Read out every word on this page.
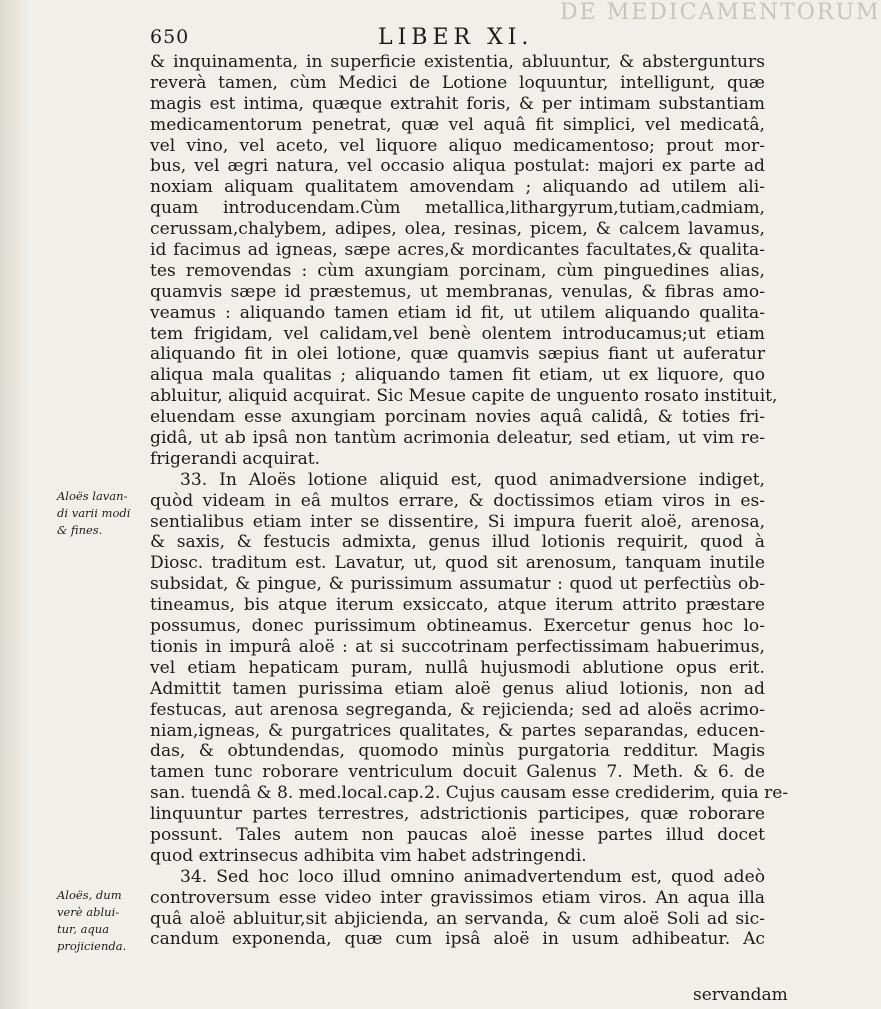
DE MEDICAMENTORUM
650	LIBER XI.
& inquinamenta, in superficie existentia, abluuntur, & abstergunturs
reverà tamen, cùm Medici de Lotione loquuntur, intelligunt, quæ
magis est intima, quæque extrahit foris, & per intimam substantiam
medicamentorum penetrat, quæ vel aquâ fit simplici, vel medicatâ,
vel vino, vel aceto, vel liquore aliquo medicamentoso; prout mor-
bus, vel ægri natura, vel occasio aliqua postulat: majori ex parte ad
noxiam aliquam qualitatem amovendam ; aliquando ad utilem ali-
quam introducendam.Cùm metallica,lithargyrum,tutiam,cadmiam,
cerussam,chalybem, adipes, olea, resinas, picem, & calcem lavamus,
id facimus ad igneas, sæpe acres,& mordicantes facultates,& qualita-
tes removendas : cùm axungiam porcinam, cùm pinguedines alias,
quamvis sæpe id præstemus, ut membranas, venulas, & fibras amo-
veamus : aliquando tamen etiam id fit, ut utilem aliquando qualita-
tem frigidam, vel calidam,vel benè olentem introducamus;ut etiam
aliquando fit in olei lotione, quæ quamvis sæpius fiant ut auferatur
aliqua mala qualitas ; aliquando tamen fit etiam, ut ex liquore, quo
abluitur, aliquid acquirat. Sic Mesue capite de unguento rosato instituit,
eluendam esse axungiam porcinam novies aquâ calidâ, & toties fri-
gidâ, ut ab ipsâ non tantùm acrimonia deleatur, sed etiam, ut vim re-
frigerandi acquirat.
33. In Aloës lotione aliquid est, quod animadversione indiget,
quòd videam in eâ multos errare, & doctissimos etiam viros in es-
sentialibus etiam inter se dissentire, Si impura fuerit aloë, arenosa,
& saxis, & festucis admixta, genus illud lotionis requirit, quod à
Diosc. traditum est. Lavatur, ut, quod sit arenosum, tanquam inutile
subsidat, & pingue, & purissimum assumatur : quod ut perfectiùs ob-
tineamus, bis atque iterum exsiccato, atque iterum attrito præstare
possumus, donec purissimum obtineamus. Exercetur genus hoc lo-
tionis in impurâ aloë : at si succotrinam perfectissimam habuerimus,
vel etiam hepaticam puram, nullâ hujusmodi ablutione opus erit.
Admittit tamen purissima etiam aloë genus aliud lotionis, non ad
festucas, aut arenosa segreganda, & rejicienda; sed ad aloës acrimo-
niam,igneas, & purgatrices qualitates, & partes separandas, educen-
das, & obtundendas, quomodo minùs purgatoria redditur. Magis
tamen tunc roborare ventriculum docuit Galenus 7. Meth. & 6. de
san. tuendâ & 8. med.local.cap.2. Cujus causam esse crediderim, quia re-
linquuntur partes terrestres, adstrictionis participes, quæ roborare
possunt. Tales autem non paucas aloë inesse partes illud docet
quod extrinsecus adhibita vim habet adstringendi.
34. Sed hoc loco illud omnino animadvertendum est, quod adeò
controversum esse video inter gravissimos etiam viros. An aqua illa
quâ aloë abluitur,sit abjicienda, an servanda, & cum aloë Soli ad sic-
candum exponenda, quæ cum ipsâ aloë in usum adhibeatur. Ac
Aloës lavan-
di varii modi
& fines.
Aloës, dum
verè ablui-
tur, aqua
projicienda.
servandam
